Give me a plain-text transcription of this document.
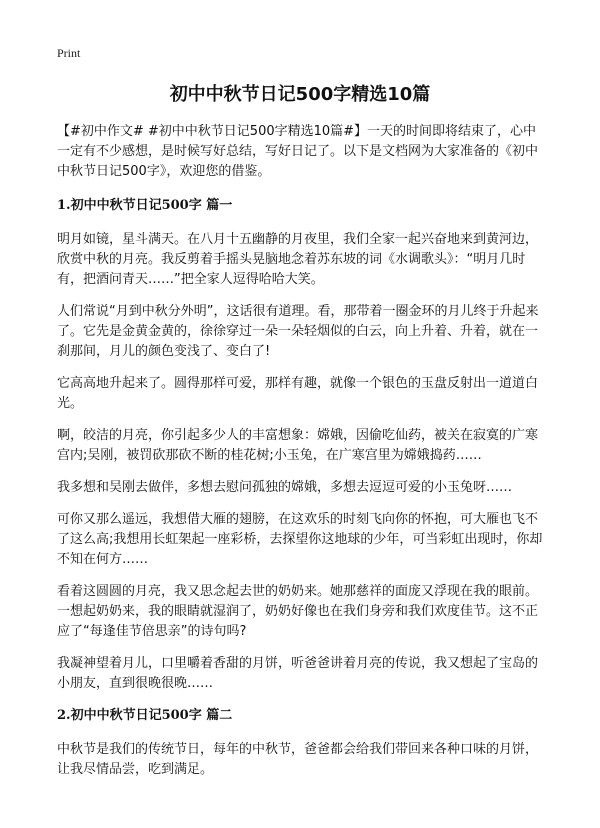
Print
初中中秋节日记500字精选10篇

【#初中作文# #初中中秋节日记500字精选10篇#】一天的时间即将结束了，心中一定有不少感想，是时候写好总结，写好日记了。以下是文档网为大家准备的《初中中秋节日记500字》，欢迎您的借鉴。

1.初中中秋节日记500字 篇一

明月如镜，星斗满天。在八月十五幽静的月夜里，我们全家一起兴奋地来到黄河边，欣赏中秋的月亮。我反剪着手摇头晃脑地念着苏东坡的词《水调歌头》：“明月几时有，把酒问青天……”把全家人逗得哈哈大笑。

人们常说“月到中秋分外明”，这话很有道理。看，那带着一圈金环的月儿终于升起来了。它先是金黄金黄的，徐徐穿过一朵一朵轻烟似的白云，向上升着、升着，就在一刹那间，月儿的颜色变浅了、变白了!

它高高地升起来了。圆得那样可爱，那样有趣，就像一个银色的玉盘反射出一道道白光。

啊，皎洁的月亮，你引起多少人的丰富想象：嫦娥，因偷吃仙药，被关在寂寞的广寒宫内;吴刚，被罚砍那砍不断的桂花树;小玉兔，在广寒宫里为嫦娥捣药……

我多想和吴刚去做伴，多想去慰问孤独的嫦娥，多想去逗逗可爱的小玉兔呀……

可你又那么遥远，我想借大雁的翅膀，在这欢乐的时刻飞向你的怀抱，可大雁也飞不了这么高;我想用长虹架起一座彩桥，去探望你这地球的少年，可当彩虹出现时，你却不知在何方……

看着这圆圆的月亮，我又思念起去世的奶奶来。她那慈祥的面庞又浮现在我的眼前。一想起奶奶来，我的眼睛就湿润了，奶奶好像也在我们身旁和我们欢度佳节。这不正应了“每逢佳节倍思亲”的诗句吗?

我凝神望着月儿，口里嚼着香甜的月饼，听爸爸讲着月亮的传说，我又想起了宝岛的小朋友，直到很晚很晚……

2.初中中秋节日记500字 篇二

中秋节是我们的传统节日，每年的中秋节，爸爸都会给我们带回来各种口味的月饼，让我尽情品尝，吃到满足。
